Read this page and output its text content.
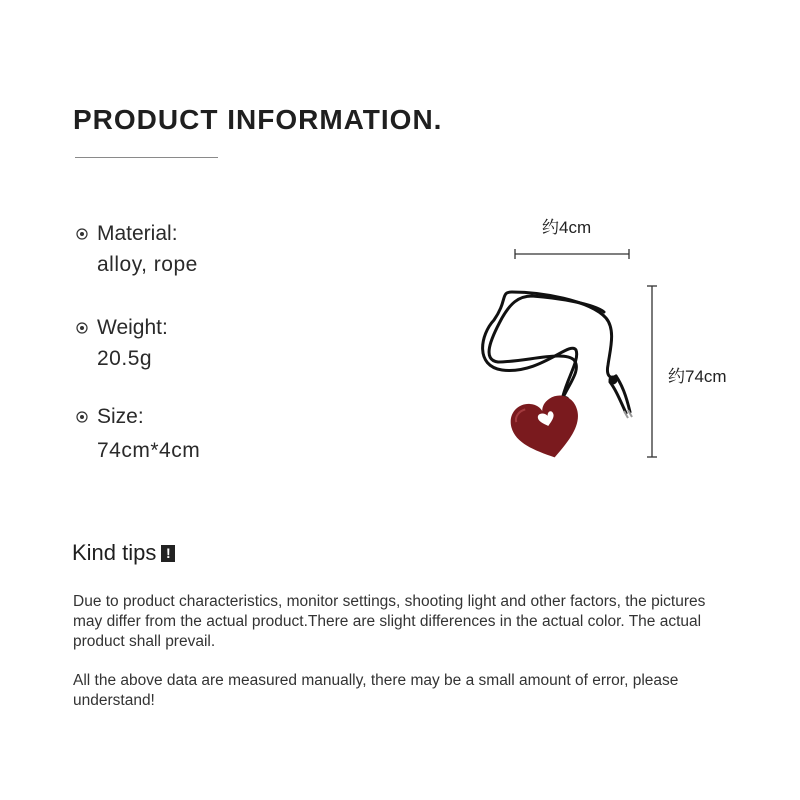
PRODUCT INFORMATION.
Material:
alloy, rope
Weight:
20.5g
Size:
74cm*4cm
约4cm
约74cm
Kind tips !

Due to product characteristics, monitor settings, shooting light and other factors, the pictures may differ from the actual product.There are slight differences in the actual color. The actual product shall prevail.

All the above data are measured manually, there may be a small amount of error, please understand!
